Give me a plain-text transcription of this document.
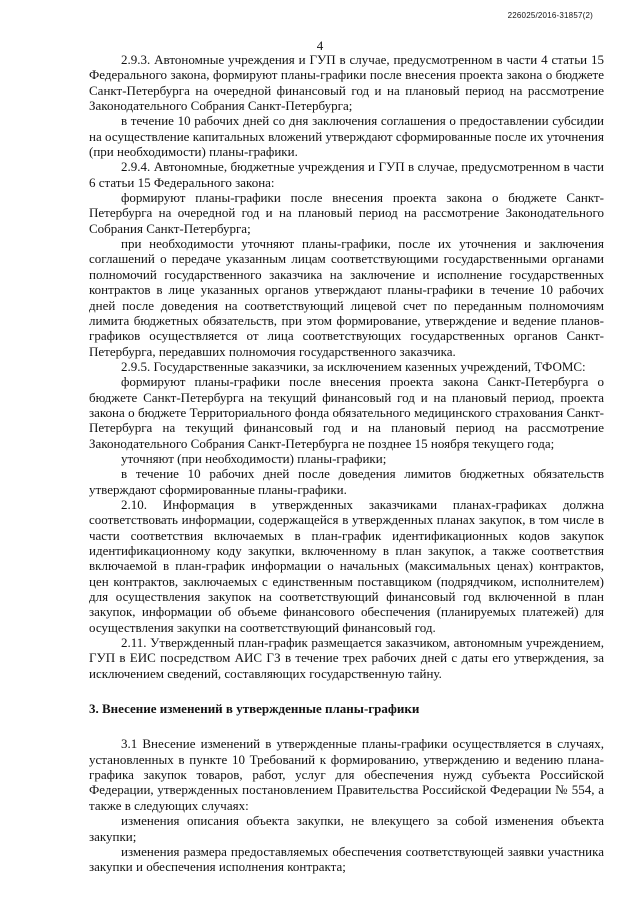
226025/2016-31857(2)
4

2.9.3. Автономные учреждения и ГУП в случае, предусмотренном в части 4 статьи 15 Федерального закона, формируют планы-графики после внесения проекта закона о бюджете Санкт-Петербурга на очередной финансовый год и на плановый период на рассмотрение Законодательного Собрания Санкт-Петербурга;

в течение 10 рабочих дней со дня заключения соглашения о предоставлении субсидии на осуществление капитальных вложений утверждают сформированные после их уточнения (при необходимости) планы-графики.

2.9.4. Автономные, бюджетные учреждения и ГУП в случае, предусмотренном в части 6 статьи 15 Федерального закона:

формируют планы-графики после внесения проекта закона о бюджете Санкт-Петербурга на очередной год и на плановый период на рассмотрение Законодательного Собрания Санкт-Петербурга;

при необходимости уточняют планы-графики, после их уточнения и заключения соглашений о передаче указанным лицам соответствующими государственными органами полномочий государственного заказчика на заключение и исполнение государственных контрактов в лице указанных органов утверждают планы-графики в течение 10 рабочих дней после доведения на соответствующий лицевой счет по переданным полномочиям лимита бюджетных обязательств, при этом формирование, утверждение и ведение планов-графиков осуществляется от лица соответствующих государственных органов Санкт-Петербурга, передавших полномочия государственного заказчика.

2.9.5. Государственные заказчики, за исключением казенных учреждений, ТФОМС:

формируют планы-графики после внесения проекта закона Санкт-Петербурга о бюджете Санкт-Петербурга на текущий финансовый год и на плановый период, проекта закона о бюджете Территориального фонда обязательного медицинского страхования Санкт-Петербурга на текущий финансовый год и на плановый период на рассмотрение Законодательного Собрания Санкт-Петербурга не позднее 15 ноября текущего года;

уточняют (при необходимости) планы-графики;

в течение 10 рабочих дней после доведения лимитов бюджетных обязательств утверждают сформированные планы-графики.

2.10. Информация в утвержденных заказчиками планах-графиках должна соответствовать информации, содержащейся в утвержденных планах закупок, в том числе в части соответствия включаемых в план-график идентификационных кодов закупок идентификационному коду закупки, включенному в план закупок, а также соответствия включаемой в план-график информации о начальных (максимальных ценах) контрактов, цен контрактов, заключаемых с единственным поставщиком (подрядчиком, исполнителем) для осуществления закупок на соответствующий финансовый год включенной в план закупок, информации об объеме финансового обеспечения (планируемых платежей) для осуществления закупки на соответствующий финансовый год.

2.11. Утвержденный план-график размещается заказчиком, автономным учреждением, ГУП в ЕИС посредством АИС ГЗ в течение трех рабочих дней с даты его утверждения, за исключением сведений, составляющих государственную тайну.

3. Внесение изменений в утвержденные планы-графики

3.1 Внесение изменений в утвержденные планы-графики осуществляется в случаях, установленных в пункте 10 Требований к формированию, утверждению и ведению плана-графика закупок товаров, работ, услуг для обеспечения нужд субъекта Российской Федерации, утвержденных постановлением Правительства Российской Федерации № 554, а также в следующих случаях:

изменения описания объекта закупки, не влекущего за собой изменения объекта закупки;

изменения размера предоставляемых обеспечения соответствующей заявки участника закупки и обеспечения исполнения контракта;
